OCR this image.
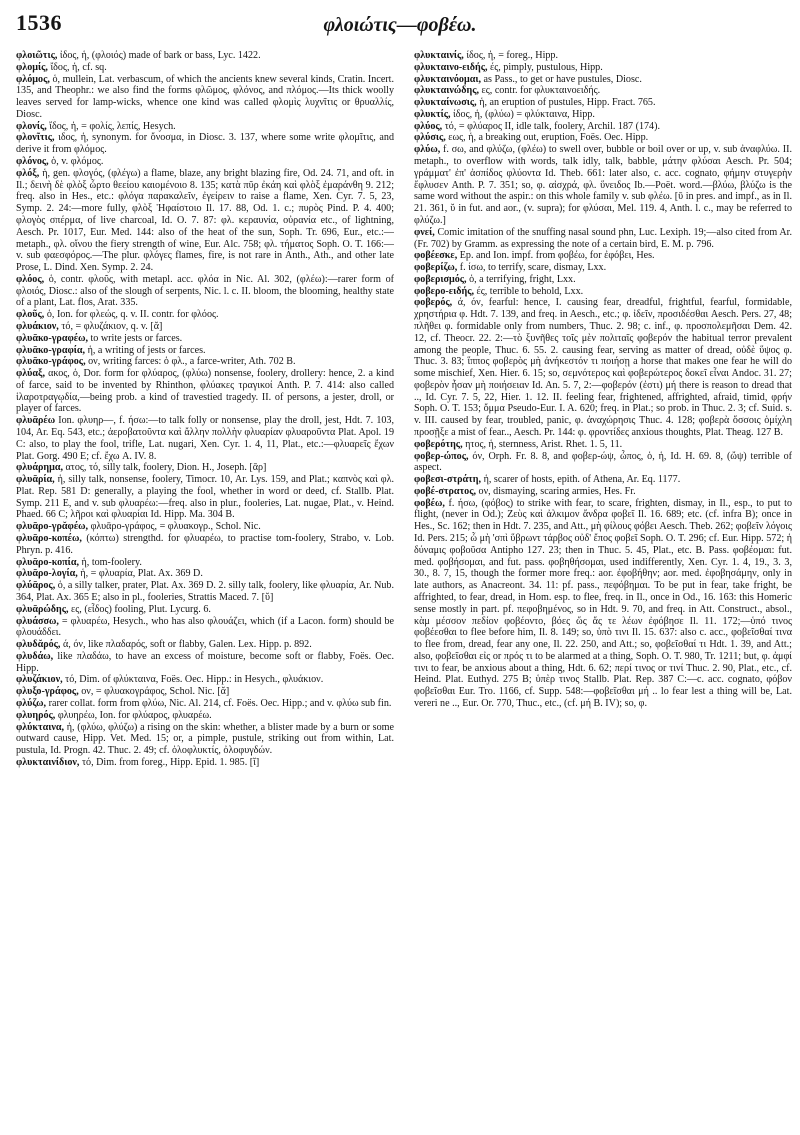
1536	φλοιώτις—φοβέω.

φλοιῶτις, ἰδος, ἡ, (φλοιός) made of bark or bass, Lyc. 1422.

φλομίς, ἴδος, ἡ, cf. sq.

φλόμος, ὁ, mullein, Lat. verbascum, of which the ancients knew several kinds, Cratin. Incert. 135, and Theophr.: we also find the forms φλῶμος, φλόνος, and πλόμος.—Its thick woolly leaves served for lamp-wicks, whence one kind was called φλομὶς λυχνῖτις or θρυαλλίς, Diosc.

φλονίς, ἴδος, ἡ, = φολίς, λεπίς, Hesych.

φλονῖτις, ιδος, ἡ, synonym. for ὄνοσμα, in Diosc. 3. 137, where some write φλομῖτις, and derive it from φλόμος.

φλόνος, ὁ, v. φλόμος.

φλόξ, ἡ, gen. φλογός, (φλέγω) a flame, blaze, any bright blazing fire, Od. 24. 71, and oft. in Il.; δεινὴ δὲ φλὸξ ὦρτο θεείου καιομένοιο 8. 135; κατὰ πῦρ ἐκάη καὶ φλὸξ ἐμαράνθη 9. 212; freq. also in Hes., etc.: φλόγα παρακαλεῖν, ἐγείρειν to raise a flame, Xen. Cyr. 7. 5, 23, Symp. 2. 24:—more fully, φλὸξ Ἡφαίστοιο Il. 17. 88, Od. 1. c.; πυρὸς Pind. P. 4. 400; φλογὸς σπέρμα, of live charcoal, Id. O. 7. 87: φλ. κεραυνία, οὐρανία etc., of lightning, Aesch. Pr. 1017, Eur. Med. 144: also of the heat of the sun, Soph. Tr. 696, Eur., etc.:—metaph., φλ. οἴνου the fiery strength of wine, Eur. Alc. 758; φλ. τήματος Soph. O. T. 166:—v. sub φαεσφόρος.—The plur. φλόγες flames, fire, is not rare in Anth., Ath., and other late Prose, L. Dind. Xen. Symp. 2. 24.

φλόος, ὁ, contr. φλοῦς, with metapl. acc. φλόα in Nic. Al. 302, (φλέω):—rarer form of φλοιός, Diosc.: also of the slough of serpents, Nic. l. c. II. bloom, the blooming, healthy state of a plant, Lat. flos, Arat. 335.

φλοῦς, ὁ, Ion. for φλεώς, q. v. II. contr. for φλόος.

φλυάκιον, τό, = φλυζάκιον, q. v. [ᾰ]

φλυᾱκο-γραφέω, to write jests or farces.

φλυᾱκο-γραφία, ἡ, a writing of jests or farces.

φλυᾱκο-γράφος, ον, writing farces: ὁ φλ., a farce-writer, Ath. 702 B.

φλύαξ, ακος, ὁ, Dor. form for φλύαρος, (φλύω) nonsense, foolery, drollery: hence, 2. a kind of farce, said to be invented by Rhinthon, φλύακες τραγικοί Anth. P. 7. 414: also called ἱλαροτραγῳδία,—being prob. a kind of travestied tragedy. II. of persons, a jester, droll, or player of farces.

φλυᾱρέω Ion. φλυηρ—, f. ήσω:—to talk folly or nonsense, play the droll, jest, Hdt. 7. 103, 104, Ar. Eq. 543, etc.; ἀεροβατοῦντα καὶ ἄλλην πολλὴν φλυαρίαν φλυαροῦντα Plat. Apol. 19 C: also, to play the fool, trifle, Lat. nugari, Xen. Cyr. 1. 4, 11, Plat., etc.:—φλυαρεῖς ἔχων Plat. Gorg. 490 E; cf. ἔχω A. IV. 8.

φλυάρημα, ατος, τό, silly talk, foolery, Dion. H., Joseph. [ᾱρ]

φλυᾱρία, ἡ, silly talk, nonsense, foolery, Timocr. 10, Ar. Lys. 159, and Plat.; καπνὸς καὶ φλ. Plat. Rep. 581 D: generally, a playing the fool, whether in word or deed, cf. Stallb. Plat. Symp. 211 E, and v. sub φλυαρέω:—freq. also in plur., fooleries, Lat. nugae, Plat., v. Heind. Phaed. 66 C; λῆροι καὶ φλυαρίαι Id. Hipp. Ma. 304 B.

φλυᾱρο-γρᾰφέω, φλυᾱρο-γράφος, = φλυακογρ., Schol. Nic.

φλυᾱρο-κοπέω, (κόπτω) strengthd. for φλυαρέω, to practise tom-foolery, Strabo, v. Lob. Phryn. p. 416.

φλυᾱρο-κοπία, ἡ, tom-foolery.

φλυᾱρο-λογία, ἡ, = φλυαρία, Plat. Ax. 369 D.

φλύᾱρος, ὁ, a silly talker, prater, Plat. Ax. 369 D. 2. silly talk, foolery, like φλυαρία, Ar. Nub. 364, Plat. Ax. 365 E; also in pl., fooleries, Strattis Maced. 7. [ῠ]

φλυᾱρώδης, ες, (εἶδος) fooling, Plut. Lycurg. 6.

φλυάσσω, = φλυαρέω, Hesych., who has also φλουάζει, which (if a Lacon. form) should be φλουάδδει.

φλυδᾰρός, ά, όν, like πλαδαρός, soft or flabby, Galen. Lex. Hipp. p. 892.

φλυδάω, like πλαδάω, to have an excess of moisture, become soft or flabby, Foës. Oec. Hipp.

φλυζάκιον, τό, Dim. of φλύκταινα, Foës. Oec. Hipp.: in Hesych., φλυάκιον.

φλυξο-γράφος, ον, = φλυακογράφος, Schol. Nic. [ᾰ]

φλύζω, rarer collat. form from φλύω, Nic. Al. 214, cf. Foës. Oec. Hipp.; and v. φλύω sub fin.

φλυηρός, φλυηρέω, Ion. for φλύαρος, φλυαρέω.

φλύκταινα, ἡ, (φλύω, φλύζω) a rising on the skin: whether, a blister made by a burn or some outward cause, Hipp. Vet. Med. 15; or, a pimple, pustule, striking out from within, Lat. pustula, Id. Progn. 42. Thuc. 2. 49; cf. ὀλοφλυκτίς, ὀλοφυγδών.

φλυκταινίδιον, τό, Dim. from foreg., Hipp. Epid. 1. 985. [ῐ]

φλυκταινίς, ίδος, ἡ, = foreg., Hipp.

φλυκταινο-ειδής, ές, pimply, pustulous, Hipp.

φλυκταινόομαι, as Pass., to get or have pustules, Diosc.

φλυκταινώδης, ες, contr. for φλυκταινοειδής.

φλυκταίνωσις, ἡ, an eruption of pustules, Hipp. Fract. 765.

φλυκτίς, ίδος, ἡ, (φλύω) = φλύκταινα, Hipp.

φλύος, τό, = φλύαρος II, idle talk, foolery, Archil. 187 (174).

φλύσις, εως, ἡ, a breaking out, eruption, Foës. Oec. Hipp.

φλύω, f. σω, and φλύζω, (φλέω) to swell over, bubble or boil over or up, v. sub ἀναφλύω. II. metaph., to overflow with words, talk idly, talk, babble, μάτην φλύσαι Aesch. Pr. 504; γράμματ' ἐπ' ἀσπίδος φλύοντα Id. Theb. 661: later also, c. acc. cognato, φήμην στυγερὴν ἔφλυσεν Anth. P. 7. 351; so, φ. αἰσχρά, φλ. ὕνειδος Ib.—Poët. word.—βλύω, βλύζω is the same word without the aspir.: on this whole family v. sub φλέω. [ῡ in pres. and impf., as in Il. 21. 361, ῠ in fut. and aor., (v. supra); for φλύσαι, Mel. 119. 4, Anth. l. c., may be referred to φλύζω.]

φνεί, Comic imitation of the snuffing nasal sound phn, Luc. Lexiph. 19;—also cited from Ar. (Fr. 702) by Gramm. as expressing the note of a certain bird, E. M. p. 796.

φοβέεσκε, Ep. and Ion. impf. from φοβέω, for ἐφόβει, Hes.

φοβερίζω, f. ίσω, to terrify, scare, dismay, Lxx.

φοβερισμός, ὁ, a terrifying, fright, Lxx.

φοβερο-ειδής, ές, terrible to behold, Lxx.

φοβερός, ά, όν, fearful: hence, I. causing fear, dreadful, frightful, fearful, formidable, χρηστήρια φ. Hdt. 7. 139, and freq. in Aesch., etc.; φ. ἰδεῖν, προσιδέσθαι Aesch. Pers. 27, 48; πλῆθει φ. formidable only from numbers, Thuc. 2. 98; c. inf., φ. προσπολεμῆσαι Dem. 42. 12, cf. Theocr. 22. 2:—τὸ ξυνῆθες τοῖς μὲν πολιταῖς φοβερόν the habitual terror prevalent among the people, Thuc. 6. 55. 2. causing fear, serving as matter of dread, οὐδὲ ὕψος φ. Thuc. 3. 83; ἵππος φοβερὸς μὴ ἀνήκεστόν τι ποιήσῃ a horse that makes one fear he will do some mischief, Xen. Hier. 6. 15; so, σεμνότερος καὶ φοβερώτερος δοκεῖ εἶναι Andoc. 31. 27; φοβερὸν ἦσαν μὴ ποιήσειαν Id. An. 5. 7, 2:—φοβερόν (ἐστι) μή there is reason to dread that .., Id. Cyr. 7. 5, 22, Hier. 1. 12. II. feeling fear, frightened, affrighted, afraid, timid, φρήν Soph. O. T. 153; ὄμμα Pseudo-Eur. I. A. 620; freq. in Plat.; so prob. in Thuc. 2. 3; cf. Suid. s. v. III. caused by fear, troubled, panic, φ. ἀναχώρησις Thuc. 4. 128; φοβερὰ ὅσσοις ὁμίχλη προσῇξε a mist of fear.., Aesch. Pr. 144: φ. φροντίδες anxious thoughts, Plat. Theag. 127 B.

φοβερότης, ητος, ἡ, sternness, Arist. Rhet. 1. 5, 11.

φοβερ-ώπος, όν, Orph. Fr. 8. 8, and φοβερ-ώψ, ὦπος, ὁ, ἡ, Id. H. 69. 8, (ὤψ) terrible of aspect.

φοβεσι-στράτη, ἡ, scarer of hosts, epith. of Athena, Ar. Eq. 1177.

φοβέ-στρατος, ον, dismaying, scaring armies, Hes. Fr.

φοβέω, f. ήσω, (φόβος) to strike with fear, to scare, frighten, dismay, in Il., esp., to put to flight, (never in Od.); Ζεὺς καὶ ἀλκιμον ἄνδρα φοβεῖ Il. 16. 689; etc. (cf. infra B); once in Hes., Sc. 162; then in Hdt. 7. 235, and Att., μὴ φίλους φόβει Aesch. Theb. 262; φοβεῖν λόγοις Id. Pers. 215; ὦ μὴ 'σπὶ ὕβρωντ τάρβος οὐδ' ἔπος φοβεῖ Soph. O. T. 296; cf. Eur. Hipp. 572; ἡ δύναμις φοβοῦσα Antipho 127. 23; then in Thuc. 5. 45, Plat., etc. B. Pass. φοβέομαι: fut. med. φοβήσομαι, and fut. pass. φοβηθήσομαι, used indifferently, Xen. Cyr. 1. 4, 19., 3. 3, 30., 8. 7, 15, though the former more freq.: aor. ἐφοβήθην; aor. med. ἐφοβησάμην, only in late authors, as Anacreont. 34. 11: pf. pass., πεφόβημαι. To be put in fear, take fright, be affrighted, to fear, dread, in Hom. esp. to flee, freq. in Il., once in Od., 16. 163: this Homeric sense mostly in part. pf. πεφοβημένος, so in Hdt. 9. 70, and freq. in Att. Construct., absol., κὰμ μέσσον πεδίον φοβέοντο, βόες ὥς ἅς τε λέων ἐφόβησε Il. 11. 172;—ὑπό τινος φοβέεσθαι to flee before him, Il. 8. 149; so, ὑπὸ τινι Il. 15. 637: also c. acc., φοβεῖσθαί τινα to flee from, dread, fear any one, Il. 22. 250, and Att.; so, φοβεῖσθαί τι Hdt. 1. 39, and Att.; also, φοβεῖσθαι εἰς or πρός τι to be alarmed at a thing, Soph. O. T. 980, Tr. 1211; but, φ. ἀμφί τινι to fear, be anxious about a thing, Hdt. 6. 62; περί τινος or τινί Thuc. 2. 90, Plat., etc., cf. Heind. Plat. Euthyd. 275 B; ὑπὲρ τινος Stallb. Plat. Rep. 387 C:—c. acc. cognato, φόβον φοβεῖσθαι Eur. Tro. 1166, cf. Supp. 548:—φοβεῖσθαι μή .. lo fear lest a thing will be, Lat. vereri ne .., Eur. Or. 770, Thuc., etc., (cf. μή B. IV); so, φ.
